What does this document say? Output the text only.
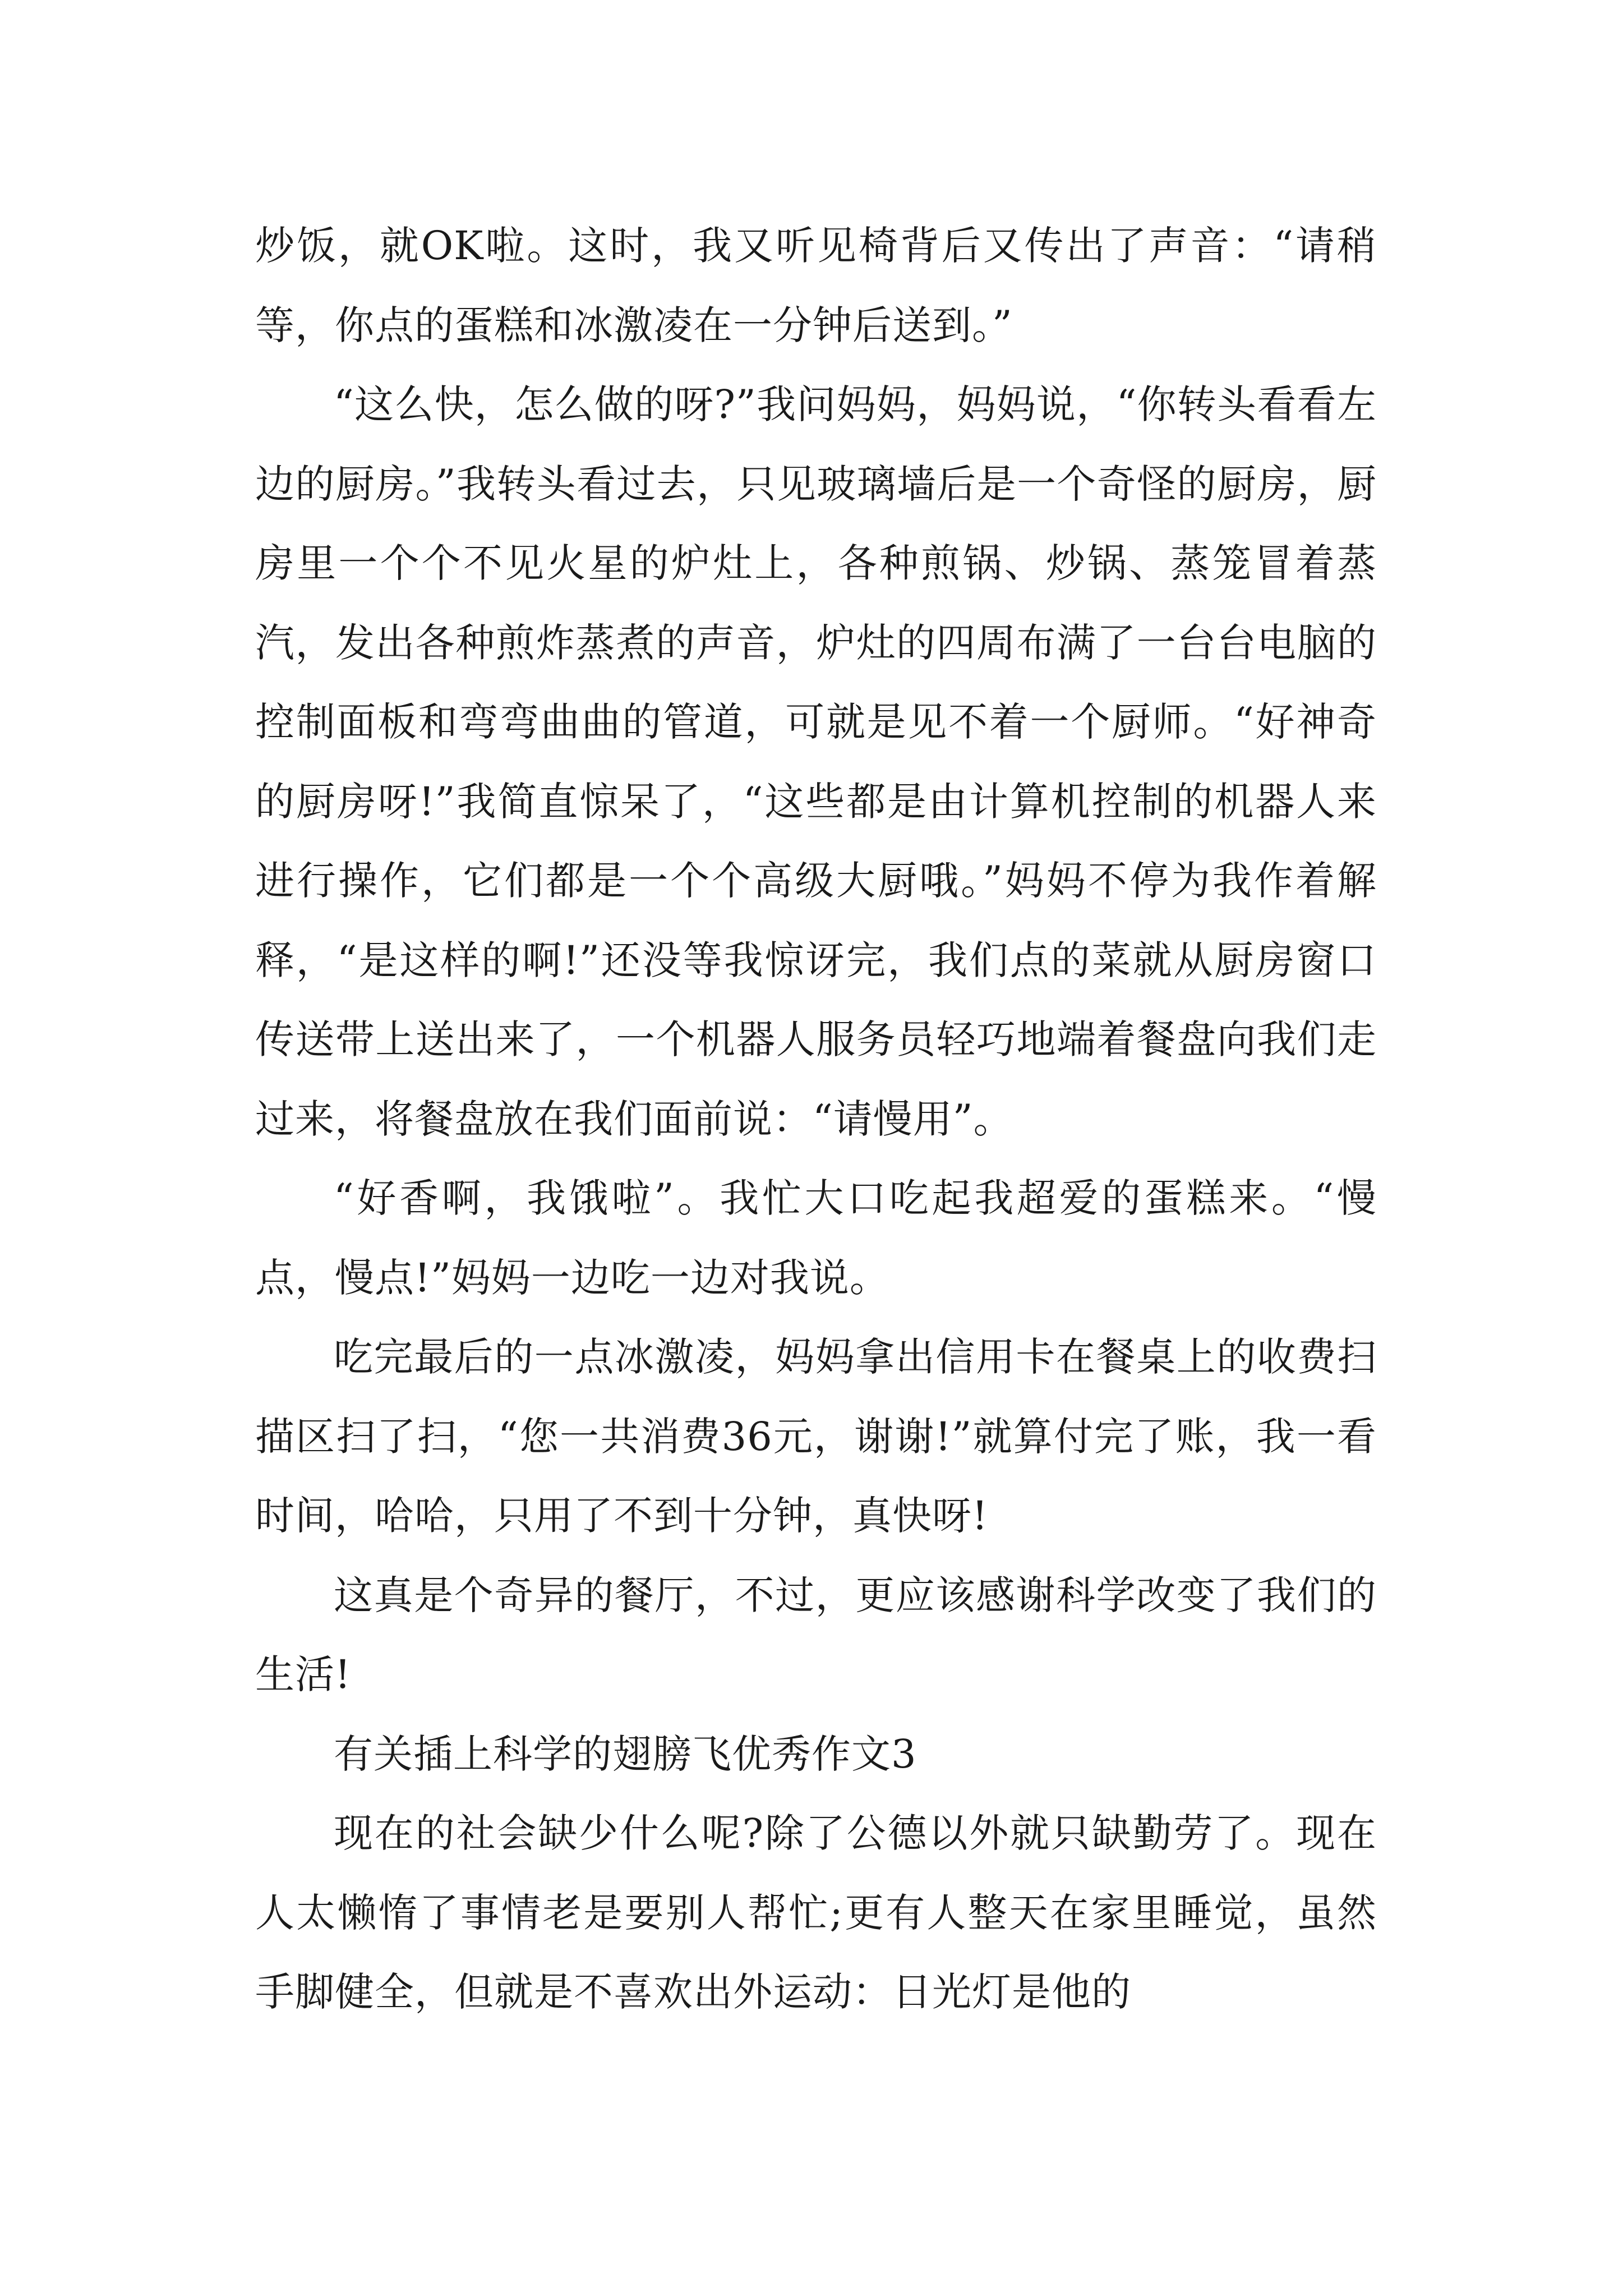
炒饭，就OK啦。这时，我又听见椅背后又传出了声音：“请稍等，你点的蛋糕和冰激凌在一分钟后送到。”

“这么快，怎么做的呀?”我问妈妈，妈妈说，“你转头看看左边的厨房。”我转头看过去，只见玻璃墙后是一个奇怪的厨房，厨房里一个个不见火星的炉灶上，各种煎锅、炒锅、蒸笼冒着蒸汽，发出各种煎炸蒸煮的声音，炉灶的四周布满了一台台电脑的控制面板和弯弯曲曲的管道，可就是见不着一个厨师。“好神奇的厨房呀!”我简直惊呆了，“这些都是由计算机控制的机器人来进行操作，它们都是一个个高级大厨哦。”妈妈不停为我作着解释，“是这样的啊!”还没等我惊讶完，我们点的菜就从厨房窗口传送带上送出来了，一个机器人服务员轻巧地端着餐盘向我们走过来，将餐盘放在我们面前说：“请慢用”。

“好香啊，我饿啦”。我忙大口吃起我超爱的蛋糕来。“慢点，慢点!”妈妈一边吃一边对我说。

吃完最后的一点冰激凌，妈妈拿出信用卡在餐桌上的收费扫描区扫了扫，“您一共消费36元，谢谢!”就算付完了账，我一看时间，哈哈，只用了不到十分钟，真快呀!

这真是个奇异的餐厅，不过，更应该感谢科学改变了我们的生活!

有关插上科学的翅膀飞优秀作文3

现在的社会缺少什么呢?除了公德以外就只缺勤劳了。现在人太懒惰了事情老是要别人帮忙;更有人整天在家里睡觉，虽然手脚健全，但就是不喜欢出外运动：日光灯是他的
